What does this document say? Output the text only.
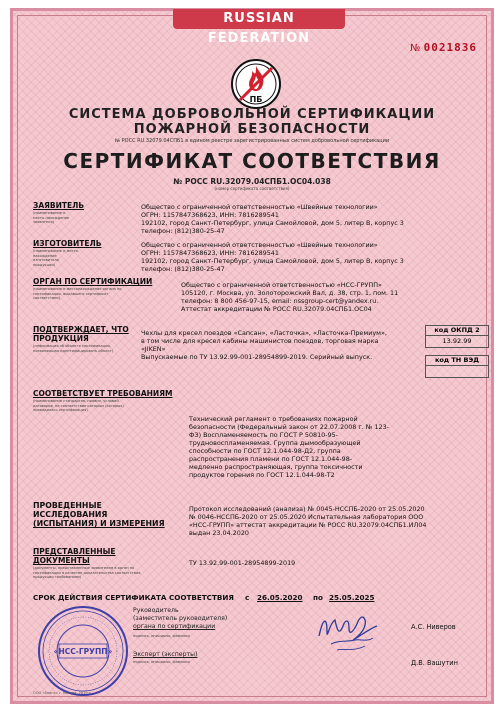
RUSSIAN FEDERATION
№ 0021836
ПБ
СИСТЕМА ДОБРОВОЛЬНОЙ СЕРТИФИКАЦИИ
ПОЖАРНОЙ БЕЗОПАСНОСТИ
№ РОСС RU.32079.04СПБ1 в едином реестре зарегистрированных систем добровольной сертификации
СЕРТИФИКАТ СООТВЕТСТВИЯ
№ РОСС RU.32079.04СПБ1.ОС04.038
(номер сертификата соответствия)
ЗАЯВИТЕЛЬ
(наименование и место-нахождение заявителя)
Общество с ограниченной ответственностью «Швейные технологии»
ОГРН: 1157847368623, ИНН: 7816289541
192102, город Санкт-Петербург, улица Самойловой, дом 5, литер В, корпус 3
телефон: (812)380-25-47
ИЗГОТОВИТЕЛЬ
(наименование и место-нахождение изготовителя продукции)
Общество с ограниченной ответственностью «Швейные технологии»
ОГРН: 1157847368623, ИНН: 7816289541
192102, город Санкт-Петербург, улица Самойловой, дом 5, литер В, корпус 3
телефон: (812)380-25-47
ОРГАН ПО СЕРТИФИКАЦИИ
(наименование и местонахождение органа по сертификации, выдавшего сертификат соответствия)
Общество с ограниченной ответственностью «НСС-ГРУПП»
105120, г. Москва, ул. Золоторожский Вал, д. 38, стр. 1, пом. 11
телефон: 8 800 456-97-15, email: nssgroup-cert@yandex.ru.
Аттестат аккредитации № РОСС RU.32079.04СПБ1.ОС04
ПОДТВЕРЖДАЕТ, ЧТО
ПРОДУКЦИЯ
(информация об объекте сертификации, позволяющая идентифицировать объект)
Чехлы для кресел поездов «Сапсан», «Ласточка», «Ласточка-Премиум»,
в том числе для кресел кабины машинистов поездов, торговая марка
«JIKEN»
Выпускаемые по ТУ 13.92.99-001-28954899-2019. Серийный выпуск.
код ОКПД 2
13.92.99
код ТН ВЭД
СООТВЕТСТВУЕТ ТРЕБОВАНИЯМ
(наименование стандартов, правил, условий договоров, на соответствие которым (которых) проводилась сертификация)
Технический регламент о требованиях пожарной
безопасности (Федеральный закон от 22.07.2008 г. № 123-
ФЗ) Воспламеняемость по ГОСТ Р 50810-95-
трудновоспламеняемая. Группа дымообразующей
способности по ГОСТ 12.1.044-98-Д2, группа
распространения пламени по ГОСТ 12.1.044-98-
медленно распространяющая, группа токсичности
продуктов горения по ГОСТ 12.1.044-98-Т2
ПРОВЕДЕННЫЕ ИССЛЕДОВАНИЯ
(ИСПЫТАНИЯ) И ИЗМЕРЕНИЯ
Протокол исследований (анализа) № 0045-НССПБ-2020 от 25.05.2020
№ 0046-НССПБ-2020 от 25.05.2020 Испытательная лаборатория ООО
«НСС-ГРУПП» аттестат аккредитации № РОСС RU.32079.04СПБ1.ИЛ04
выдан 23.04.2020
ПРЕДСТАВЛЕННЫЕ ДОКУМЕНТЫ
(документы, представленные заявителем в орган по сертификации в качестве доказательства соответствия продукции требованиям)
ТУ 13.92.99-001-28954899-2019
СРОК ДЕЙСТВИЯ СЕРТИФИКАТА СООТВЕТСТВИЯ с 26.05.2020 по 25.05.2025
«НСС-ГРУПП»
Руководитель
(заместитель руководителя)
органа по сертификации
подпись, инициалы, фамилия
А.С. Ниверов
Эксперт (эксперты)
подпись, инициалы, фамилия	Д.В. Вашутин
ООО «Бланк» г. Москва, 2019 г.
